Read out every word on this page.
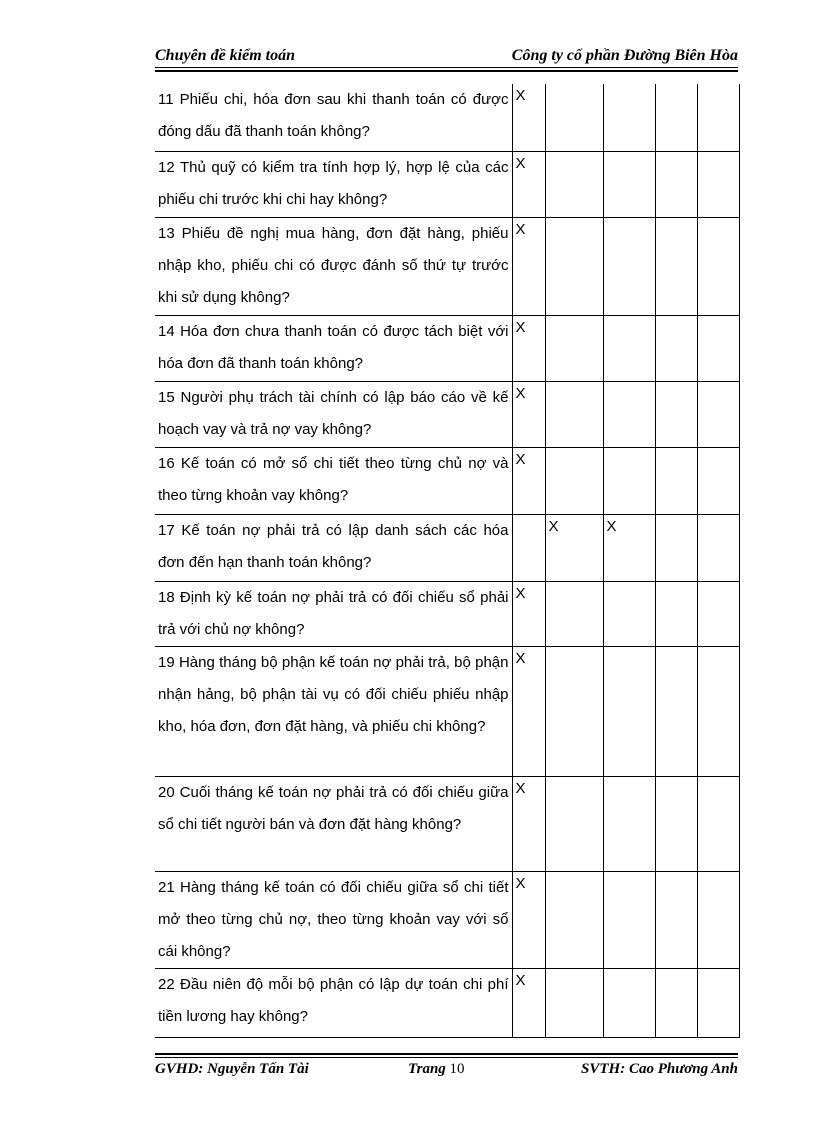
Chuyên đề kiểm toán	Công ty cổ phần Đường Biên Hòa
11 Phiếu chi, hóa đơn sau khi thanh toán có được đóng dấu đã thanh toán không?	X				
12 Thủ quỹ có kiểm tra tính hợp lý, hợp lệ của các phiếu chi trước khi chi hay không?	X				
13 Phiếu đề nghị mua hàng, đơn đặt hàng, phiếu nhập kho, phiếu chi có được đánh số thứ tự trước khi sử dụng không?	X				
14 Hóa đơn chưa thanh toán có được tách biệt với hóa đơn đã thanh toán không?	X				
15 Người phụ trách tài chính có lập báo cáo về kế hoạch vay và trả nợ vay không?	X				
16 Kế toán có mở sổ chi tiết theo từng chủ nợ và theo từng khoản vay không?	X				
17 Kế toán nợ phải trả có lập danh sách các hóa đơn đến hạn thanh toán không?		X	X		
18 Định kỳ kế toán nợ phải trả có đối chiếu sổ phải trả với chủ nợ không?	X				
19 Hàng tháng bộ phận kế toán nợ phải trả, bộ phận nhận hảng, bộ phận tài vụ có đối chiếu phiếu nhập kho, hóa đơn, đơn đặt hàng, và phiếu chi không?	X				
20 Cuối tháng kế toán nợ phải trả có đối chiếu giữa sổ chi tiết người bán và đơn đặt hàng không?	X				
21 Hàng tháng kế toán có đối chiếu giữa sổ chi tiết mở theo từng chủ nợ, theo từng khoản vay với sổ cái không?	X				
22 Đầu niên độ mỗi bộ phận có lập dự toán chi phí tiền lương hay không?	X				
GVHD: Nguyễn Tấn Tài	Trang 10	SVTH: Cao Phương Anh
